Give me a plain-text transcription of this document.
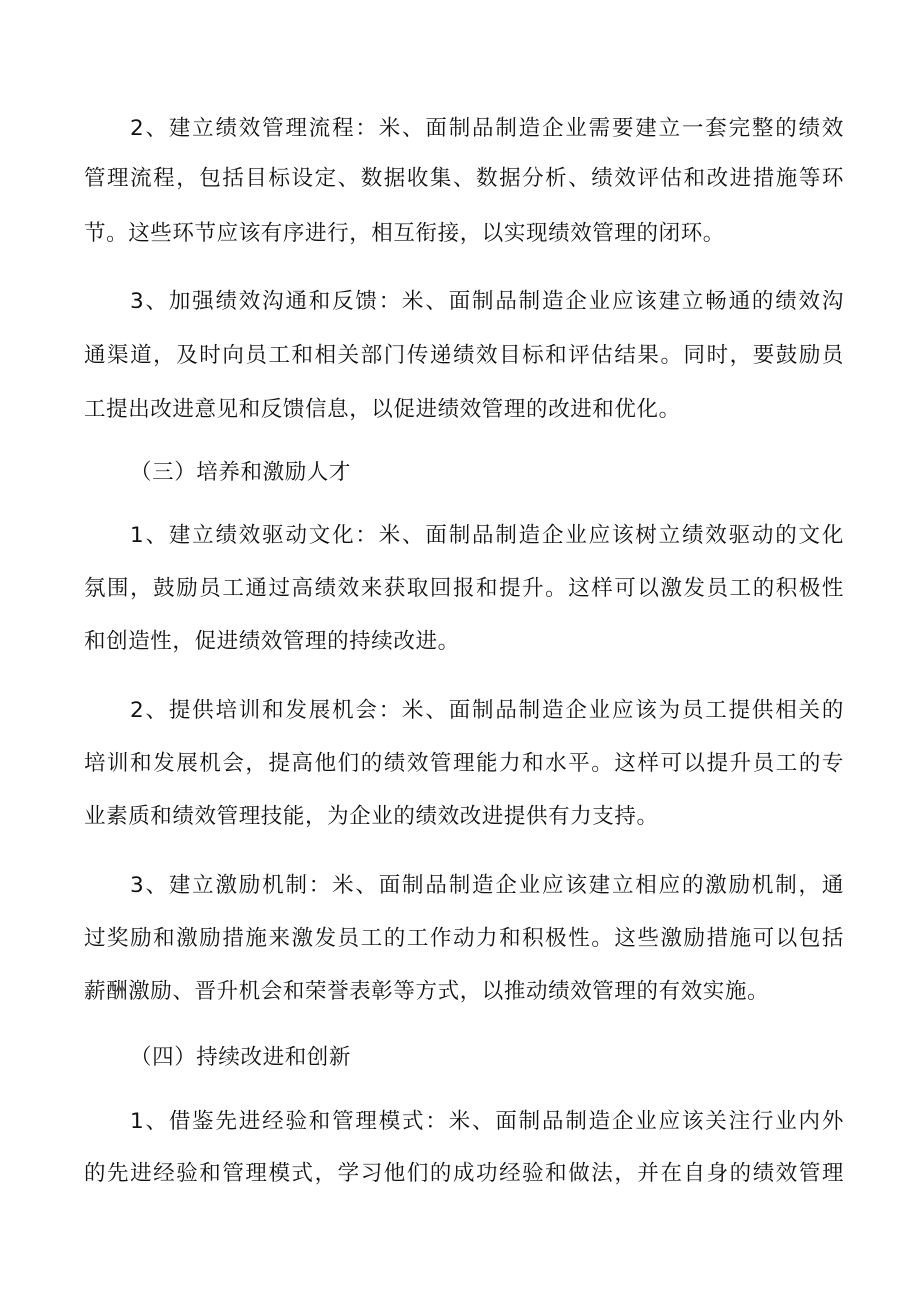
2、建立绩效管理流程：米、面制品制造企业需要建立一套完整的绩效
管理流程，包括目标设定、数据收集、数据分析、绩效评估和改进措施等环
节。这些环节应该有序进行，相互衔接，以实现绩效管理的闭环。
3、加强绩效沟通和反馈：米、面制品制造企业应该建立畅通的绩效沟
通渠道，及时向员工和相关部门传递绩效目标和评估结果。同时，要鼓励员
工提出改进意见和反馈信息，以促进绩效管理的改进和优化。
（三）培养和激励人才
1、建立绩效驱动文化：米、面制品制造企业应该树立绩效驱动的文化
氛围，鼓励员工通过高绩效来获取回报和提升。这样可以激发员工的积极性
和创造性，促进绩效管理的持续改进。
2、提供培训和发展机会：米、面制品制造企业应该为员工提供相关的
培训和发展机会，提高他们的绩效管理能力和水平。这样可以提升员工的专
业素质和绩效管理技能，为企业的绩效改进提供有力支持。
3、建立激励机制：米、面制品制造企业应该建立相应的激励机制，通
过奖励和激励措施来激发员工的工作动力和积极性。这些激励措施可以包括
薪酬激励、晋升机会和荣誉表彰等方式，以推动绩效管理的有效实施。
（四）持续改进和创新
1、借鉴先进经验和管理模式：米、面制品制造企业应该关注行业内外
的先进经验和管理模式，学习他们的成功经验和做法，并在自身的绩效管理
